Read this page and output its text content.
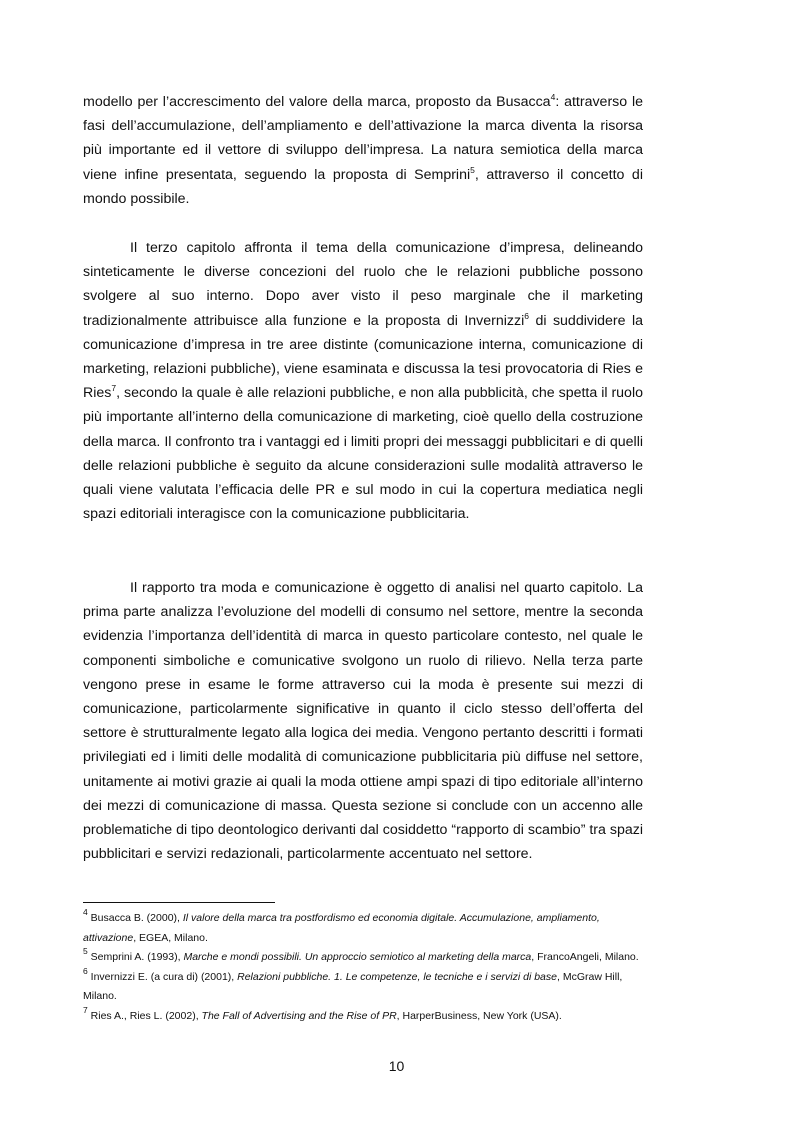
modello per l’accrescimento del valore della marca, proposto da Busacca$^4$: attraverso le fasi dell’accumulazione, dell’ampliamento e dell’attivazione la marca diventa la risorsa più importante ed il vettore di sviluppo dell’impresa. La natura semiotica della marca viene infine presentata, seguendo la proposta di Semprini$^5$, attraverso il concetto di mondo possibile.

Il terzo capitolo affronta il tema della comunicazione d’impresa, delineando sinteticamente le diverse concezioni del ruolo che le relazioni pubbliche possono svolgere al suo interno. Dopo aver visto il peso marginale che il marketing tradizionalmente attribuisce alla funzione e la proposta di Invernizzi$^6$ di suddividere la comunicazione d’impresa in tre aree distinte (comunicazione interna, comunicazione di marketing, relazioni pubbliche), viene esaminata e discussa la tesi provocatoria di Ries e Ries$^7$, secondo la quale è alle relazioni pubbliche, e non alla pubblicità, che spetta il ruolo più importante all’interno della comunicazione di marketing, cioè quello della costruzione della marca. Il confronto tra i vantaggi ed i limiti propri dei messaggi pubblicitari e di quelli delle relazioni pubbliche è seguito da alcune considerazioni sulle modalità attraverso le quali viene valutata l’efficacia delle PR e sul modo in cui la copertura mediatica negli spazi editoriali interagisce con la comunicazione pubblicitaria.

Il rapporto tra moda e comunicazione è oggetto di analisi nel quarto capitolo. La prima parte analizza l’evoluzione del modelli di consumo nel settore, mentre la seconda evidenzia l’importanza dell’identità di marca in questo particolare contesto, nel quale le componenti simboliche e comunicative svolgono un ruolo di rilievo. Nella terza parte vengono prese in esame le forme attraverso cui la moda è presente sui mezzi di comunicazione, particolarmente significative in quanto il ciclo stesso dell’offerta del settore è strutturalmente legato alla logica dei media. Vengono pertanto descritti i formati privilegiati ed i limiti delle modalità di comunicazione pubblicitaria più diffuse nel settore, unitamente ai motivi grazie ai quali la moda ottiene ampi spazi di tipo editoriale all’interno dei mezzi di comunicazione di massa. Questa sezione si conclude con un accenno alle problematiche di tipo deontologico derivanti dal cosiddetto “rapporto di scambio” tra spazi pubblicitari e servizi redazionali, particolarmente accentuato nel settore.

$^4$ Busacca B. (2000), Il valore della marca tra postfordismo ed economia digitale. Accumulazione, ampliamento, attivazione, EGEA, Milano.

$^5$ Semprini A. (1993), Marche e mondi possibili. Un approccio semiotico al marketing della marca, FrancoAngeli, Milano.

$^6$ Invernizzi E. (a cura di) (2001), Relazioni pubbliche. 1. Le competenze, le tecniche e i servizi di base, McGraw Hill, Milano.

$^7$ Ries A., Ries L. (2002), The Fall of Advertising and the Rise of PR, HarperBusiness, New York (USA).

10
